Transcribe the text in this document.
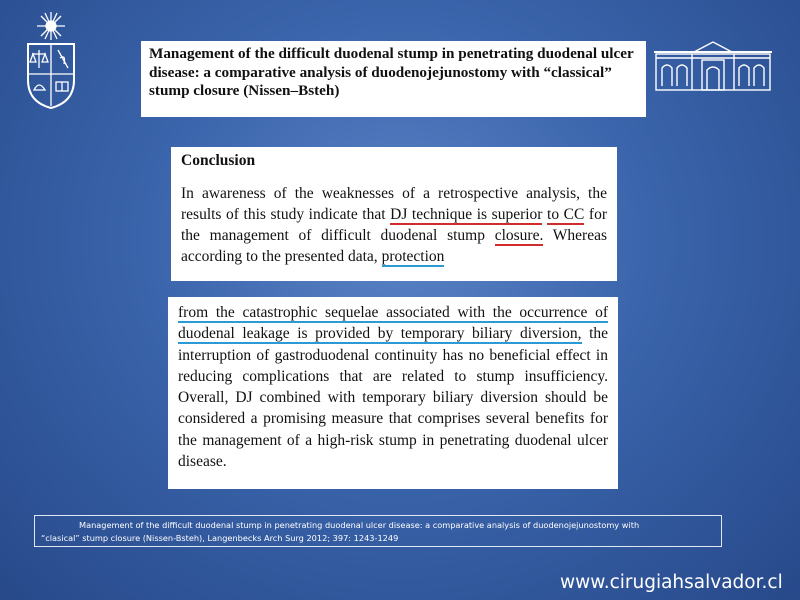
Management of the difficult duodenal stump in penetrating duodenal ulcer disease: a comparative analysis of duodenojejunostomy with “classical” stump closure (Nissen–Bsteh)
Conclusion
In awareness of the weaknesses of a retrospective analysis, the results of this study indicate that DJ technique is superior to CC for the management of difficult duodenal stump closure. Whereas according to the presented data, protection
from the catastrophic sequelae associated with the occurrence of duodenal leakage is provided by temporary biliary diversion, the interruption of gastroduodenal continuity has no beneficial effect in reducing complications that are related to stump insufficiency. Overall, DJ combined with temporary biliary diversion should be considered a promising measure that comprises several benefits for the management of a high-risk stump in penetrating duodenal ulcer disease.
Management of the difficult duodenal stump in penetrating duodenal ulcer disease: a comparative analysis of duodenojejunostomy with
“clasical” stump closure (Nissen-Bsteh), Langenbecks Arch Surg 2012; 397: 1243-1249
www.cirugiahsalvador.cl
